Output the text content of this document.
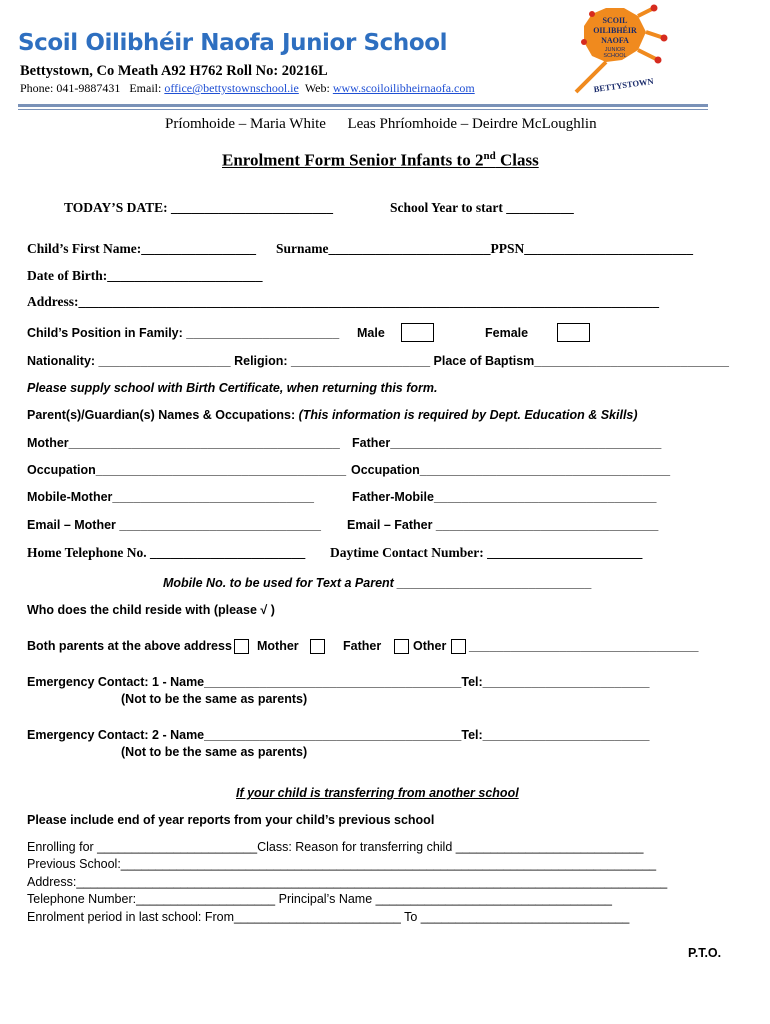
Scoil Oilibhéir Naofa Junior School
Bettystown, Co Meath A92 H762 Roll No: 20216L
Phone: 041-9887431 Email: office@bettystownschool.ie Web: www.scoiloilibheirnaofa.com
SCOIL
OILIBHÉIR
NAOFA
JUNIOR
SCHOOL
BETTYSTOWN
Príomhoide – Maria White Leas Phríomhoide – Deirdre McLoughlin
Enrolment Form Senior Infants to 2nd Class
TODAY’S DATE: ________________________	School Year to start __________
Child’s First Name:_________________ Surname________________________PPSN_________________________
Date of Birth:_______________________
Address:______________________________________________________________________________________
Child’s Position in Family: ______________________ Male	Female
Nationality: ___________________ Religion: ____________________ Place of Baptism____________________________
Please supply school with Birth Certificate, when returning this form.
Parent(s)/Guardian(s) Names & Occupations: (This information is required by Dept. Education & Skills)
Mother_______________________________________ Father_______________________________________
Occupation____________________________________ Occupation____________________________________
Mobile-Mother_____________________________	Father-Mobile________________________________
Email – Mother _____________________________ Email – Father ________________________________
Home Telephone No. _______________________ Daytime Contact Number: _______________________
Mobile No. to be used for Text a Parent ____________________________
Who does the child reside with (please √ )
Both parents at the above address Mother	Father	Other _________________________________
Emergency Contact: 1 - Name_____________________________________Tel:________________________
(Not to be the same as parents)
Emergency Contact: 2 - Name_____________________________________Tel:________________________
(Not to be the same as parents)
If your child is transferring from another school
Please include end of year reports from your child’s previous school
Enrolling for _______________________Class: Reason for transferring child ___________________________
Previous School:_____________________________________________________________________________
Address:_____________________________________________________________________________________
Telephone Number:____________________ Principal’s Name __________________________________
Enrolment period in last school: From________________________ To ______________________________
P.T.O.
